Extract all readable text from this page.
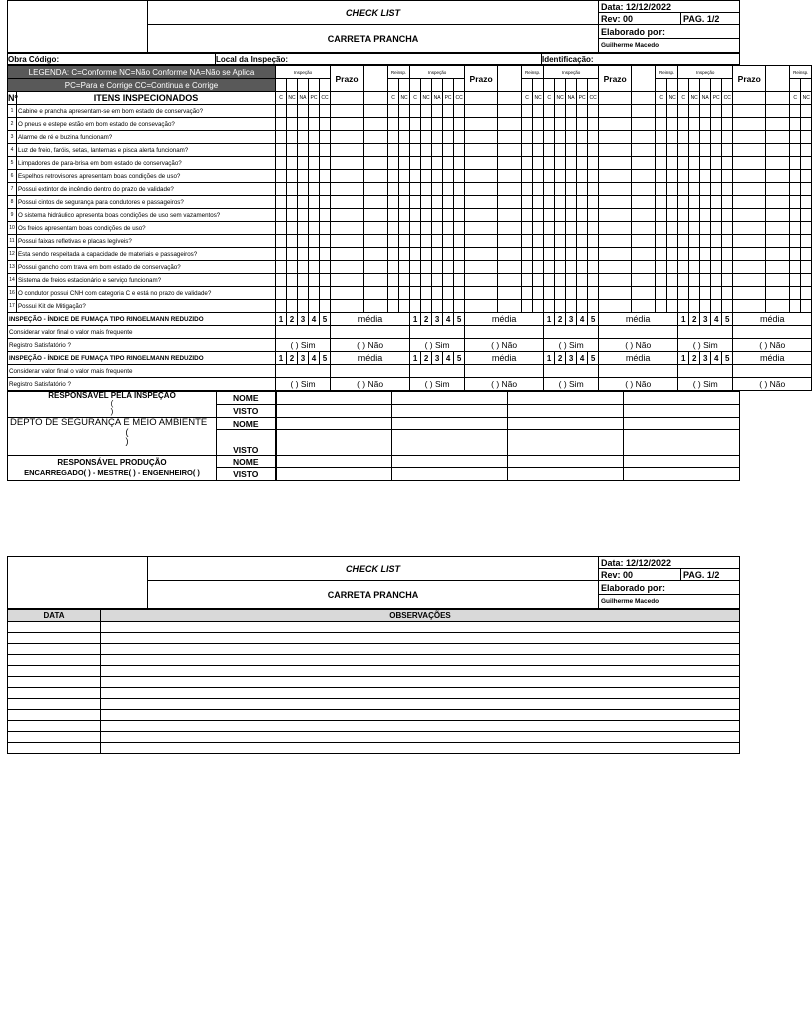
	CHECK LIST	Data: 12/12/2022	
		Rev: 00	PAG. 1/2
	CARRETA PRANCHA	Elaborado por:	
		Guilherme Macedo	
Obra Código:	Local da Inspeção:	Identificação:
LEGENDA: C=Conforme NC=Não Conforme NA=Não se Aplica		Inspeção					Prazo		Reinsp.		Inspeção					Prazo		Reinsp.		Inspeção					Prazo		Reinsp.		Inspeção					Prazo		Reinsp.	
PC=Para e Corrige CC=Continua e Corrige																																					
Nº	ITENS INSPECIONADOS	C	NC	NA	PC	CC			C	NC	C	NC	NA	PC	CC			C	NC	C	NC	NA	PC	CC			C	NC	C	NC	NA	PC	CC			C	NC
1	Cabine e prancha apresentam-se em bom estado de conservação?																																				
2	O pneus e estepe estão em bom estado de consevação?																																				
3	Alarme de ré e buzina funcionam?																																				
4	Luz de freio, faróis, setas, lanternas e pisca alerta funcionam?																																				
5	Limpadores de para-brisa em bom estado de conservação?																																				
6	Espelhos retrovisores apresentam boas condições de uso?																																				
7	Possui extintor de incêndio dentro do prazo de validade?																																				
8	Possui cintos de segurança para condutores e passageiros?																																				
9	O sistema hidráulico apresenta boas condições de uso sem vazamentos?																																				
10	Os freios apresentam boas condições de uso?																																				
11	Possui faixas refletivas e placas legíveis?																																				
12	Esta sendo respeitada a capacidade de materiais e passageiros?																																				
13	Possui gancho com trava em bom estado de conservação?																																				
14	Sistema de freios estacionário e serviço funcionam?																																				
16	O condutor possui CNH com categoria C e está no prazo de validade?																																				
17	Possui Kit de Mitigação?																																				
INSPEÇÃO - ÍNDICE DE FUMAÇA TIPO RINGELMANN REDUZIDO		1	2	3	4	5	média				1	2	3	4	5	média				1	2	3	4	5	média				1	2	3	4	5	média			
Considerar valor final o valor mais frequente																																					
Registro Satisfatório ?		( ) Sim					( ) Não				( ) Sim					( ) Não				( ) Sim					( ) Não				( ) Sim					( ) Não			
INSPEÇÃO - ÍNDICE DE FUMAÇA TIPO RINGELMANN REDUZIDO		1	2	3	4	5	média				1	2	3	4	5	média				1	2	3	4	5	média				1	2	3	4	5	média			
Considerar valor final o valor mais frequente																																					
Registro Satisfatório ?		( ) Sim					( ) Não				( ) Sim					( ) Não				( ) Sim					( ) Não				( ) Sim					( ) Não			
RESPONSÁVEL PELA INSPEÇÃO
(
)	NOME				
	VISTO				

DEPTO DE SEGURANÇA E MEIO AMBIENTE
(
)	NOME				
	VISTO				

RESPONSÁVEL PRODUÇÃO
ENCARREGADO( ) - MESTRE( ) - ENGENHEIRO( )	NOME				
	VISTO				
	CHECK LIST	Data: 12/12/2022	
		Rev: 00	PAG. 1/2
	CARRETA PRANCHA	Elaborado por:	
		Guilherme Macedo	
DATA	OBSERVAÇÕES
